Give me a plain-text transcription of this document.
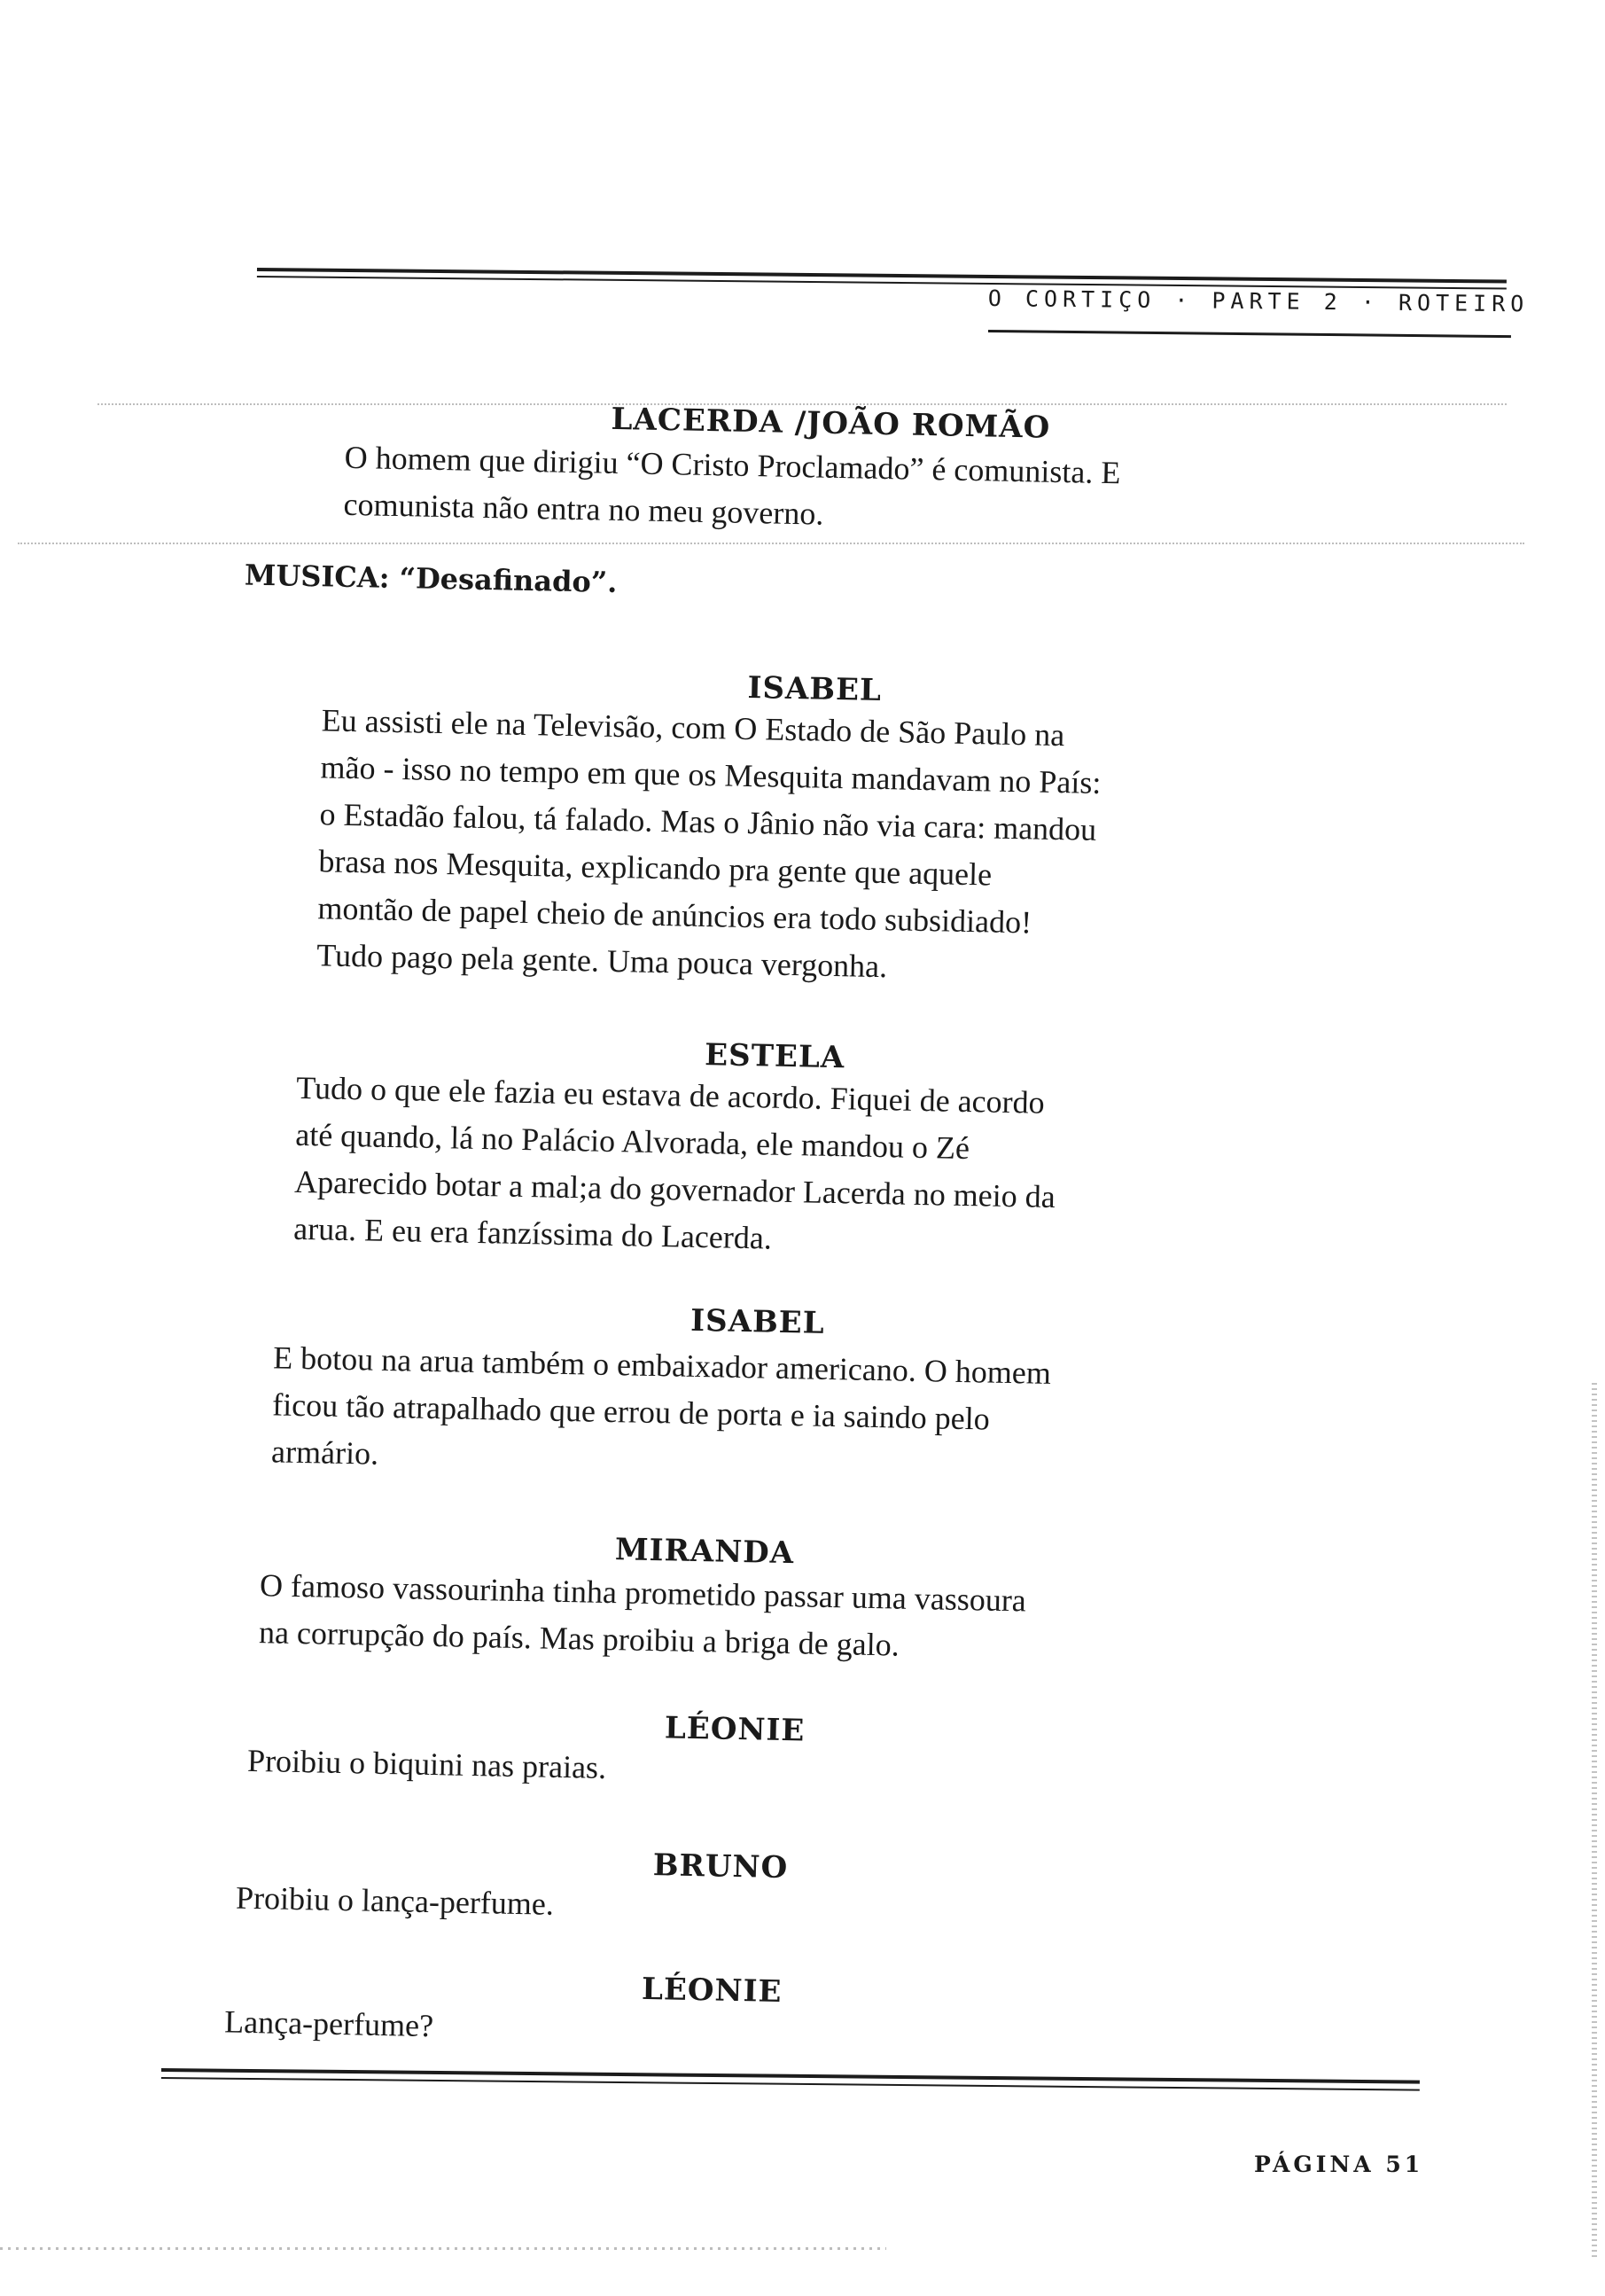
O CORTIÇO · PARTE 2 · ROTEIRO
LACERDA /JOÃO ROMÃO
O homem que dirigiu “O Cristo Proclamado” é comunista. E
comunista não entra no meu governo.
MUSICA: “Desafinado”.
ISABEL
Eu assisti ele na Televisão, com O Estado de São Paulo na
mão - isso no tempo em que os Mesquita mandavam no País:
o Estadão falou, tá falado. Mas o Jânio não via cara: mandou
brasa nos Mesquita, explicando pra gente que aquele
montão de papel cheio de anúncios era todo subsidiado!
Tudo pago pela gente. Uma pouca vergonha.
ESTELA
Tudo o que ele fazia eu estava de acordo. Fiquei de acordo
até quando, lá no Palácio Alvorada, ele mandou o Zé
Aparecido botar a mal;a do governador Lacerda no meio da
arua. E eu era fanzíssima do Lacerda.
ISABEL
E botou na arua também o embaixador americano. O homem
ficou tão atrapalhado que errou de porta e ia saindo pelo
armário.
MIRANDA
O famoso vassourinha tinha prometido passar uma vassoura
na corrupção do país. Mas proibiu a briga de galo.
LÉONIE
Proibiu o biquini nas praias.
BRUNO
Proibiu o lança-perfume.
LÉONIE
Lança-perfume?
PÁGINA 51
